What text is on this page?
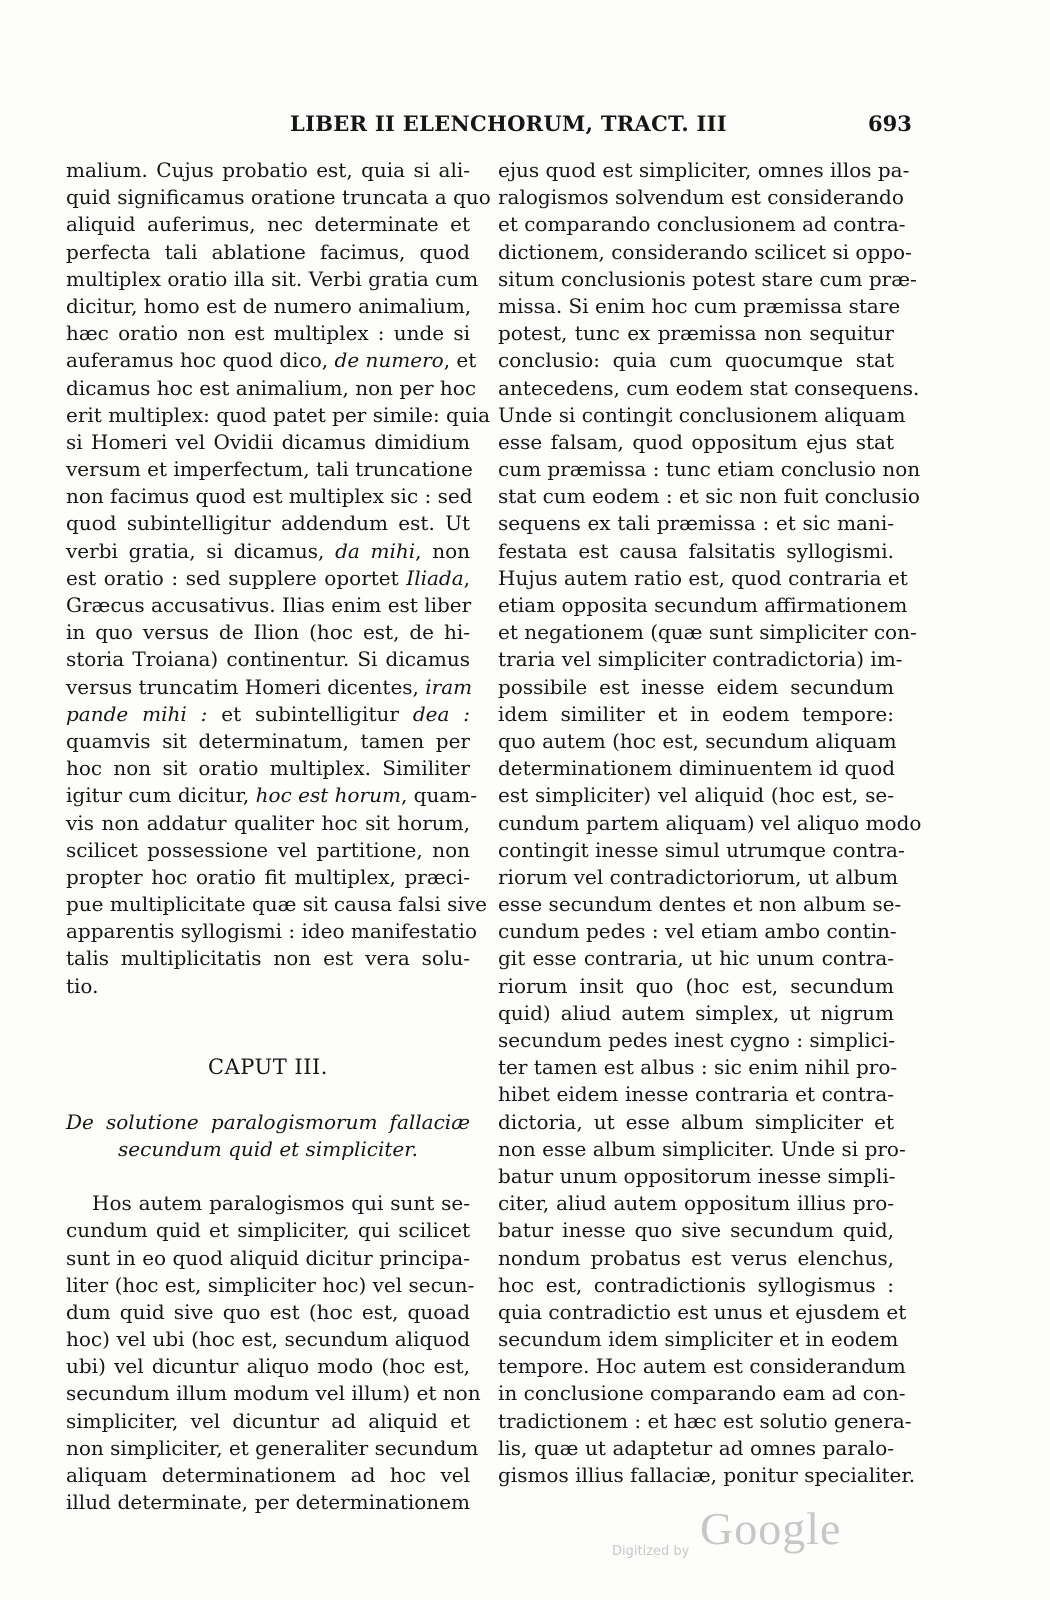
LIBER II ELENCHORUM, TRACT. III	693
malium. Cujus probatio est, quia si ali-
quid significamus oratione truncata a quo
aliquid auferimus, nec determinate et
perfecta tali ablatione facimus, quod
multiplex oratio illa sit. Verbi gratia cum
dicitur, homo est de numero animalium,
hæc oratio non est multiplex : unde si
auferamus hoc quod dico, de numero, et
dicamus hoc est animalium, non per hoc
erit multiplex: quod patet per simile: quia
si Homeri vel Ovidii dicamus dimidium
versum et imperfectum, tali truncatione
non facimus quod est multiplex sic : sed
quod subintelligitur addendum est. Ut
verbi gratia, si dicamus, da mihi, non
est oratio : sed supplere oportet Iliada,
Græcus accusativus. Ilias enim est liber
in quo versus de Ilion (hoc est, de hi-
storia Troiana) continentur. Si dicamus
versus truncatim Homeri dicentes, iram
pande mihi : et subintelligitur dea :
quamvis sit determinatum, tamen per
hoc non sit oratio multiplex. Similiter
igitur cum dicitur, hoc est horum, quam-
vis non addatur qualiter hoc sit horum,
scilicet possessione vel partitione, non
propter hoc oratio fit multiplex, præci-
pue multiplicitate quæ sit causa falsi sive
apparentis syllogismi : ideo manifestatio
talis multiplicitatis non est vera solu-
tio.
CAPUT III.
De solutione paralogismorum fallaciæ
secundum quid et simpliciter.
Hos autem paralogismos qui sunt se-
cundum quid et simpliciter, qui scilicet
sunt in eo quod aliquid dicitur principa-
liter (hoc est, simpliciter hoc) vel secun-
dum quid sive quo est (hoc est, quoad
hoc) vel ubi (hoc est, secundum aliquod
ubi) vel dicuntur aliquo modo (hoc est,
secundum illum modum vel illum) et non
simpliciter, vel dicuntur ad aliquid et
non simpliciter, et generaliter secundum
aliquam determinationem ad hoc vel
illud determinate, per determinationem
ejus quod est simpliciter, omnes illos pa-
ralogismos solvendum est considerando
et comparando conclusionem ad contra-
dictionem, considerando scilicet si oppo-
situm conclusionis potest stare cum præ-
missa. Si enim hoc cum præmissa stare
potest, tunc ex præmissa non sequitur
conclusio: quia cum quocumque stat
antecedens, cum eodem stat consequens.
Unde si contingit conclusionem aliquam
esse falsam, quod oppositum ejus stat
cum præmissa : tunc etiam conclusio non
stat cum eodem : et sic non fuit conclusio
sequens ex tali præmissa : et sic mani-
festata est causa falsitatis syllogismi.
Hujus autem ratio est, quod contraria et
etiam opposita secundum affirmationem
et negationem (quæ sunt simpliciter con-
traria vel simpliciter contradictoria) im-
possibile est inesse eidem secundum
idem similiter et in eodem tempore:
quo autem (hoc est, secundum aliquam
determinationem diminuentem id quod
est simpliciter) vel aliquid (hoc est, se-
cundum partem aliquam) vel aliquo modo
contingit inesse simul utrumque contra-
riorum vel contradictoriorum, ut album
esse secundum dentes et non album se-
cundum pedes : vel etiam ambo contin-
git esse contraria, ut hic unum contra-
riorum insit quo (hoc est, secundum
quid) aliud autem simplex, ut nigrum
secundum pedes inest cygno : simplici-
ter tamen est albus : sic enim nihil pro-
hibet eidem inesse contraria et contra-
dictoria, ut esse album simpliciter et
non esse album simpliciter. Unde si pro-
batur unum oppositorum inesse simpli-
citer, aliud autem oppositum illius pro-
batur inesse quo sive secundum quid,
nondum probatus est verus elenchus,
hoc est, contradictionis syllogismus :
quia contradictio est unus et ejusdem et
secundum idem simpliciter et in eodem
tempore. Hoc autem est considerandum
in conclusione comparando eam ad con-
tradictionem : et hæc est solutio genera-
lis, quæ ut adaptetur ad omnes paralo-
gismos illius fallaciæ, ponitur specialiter.
Digitized by Google
